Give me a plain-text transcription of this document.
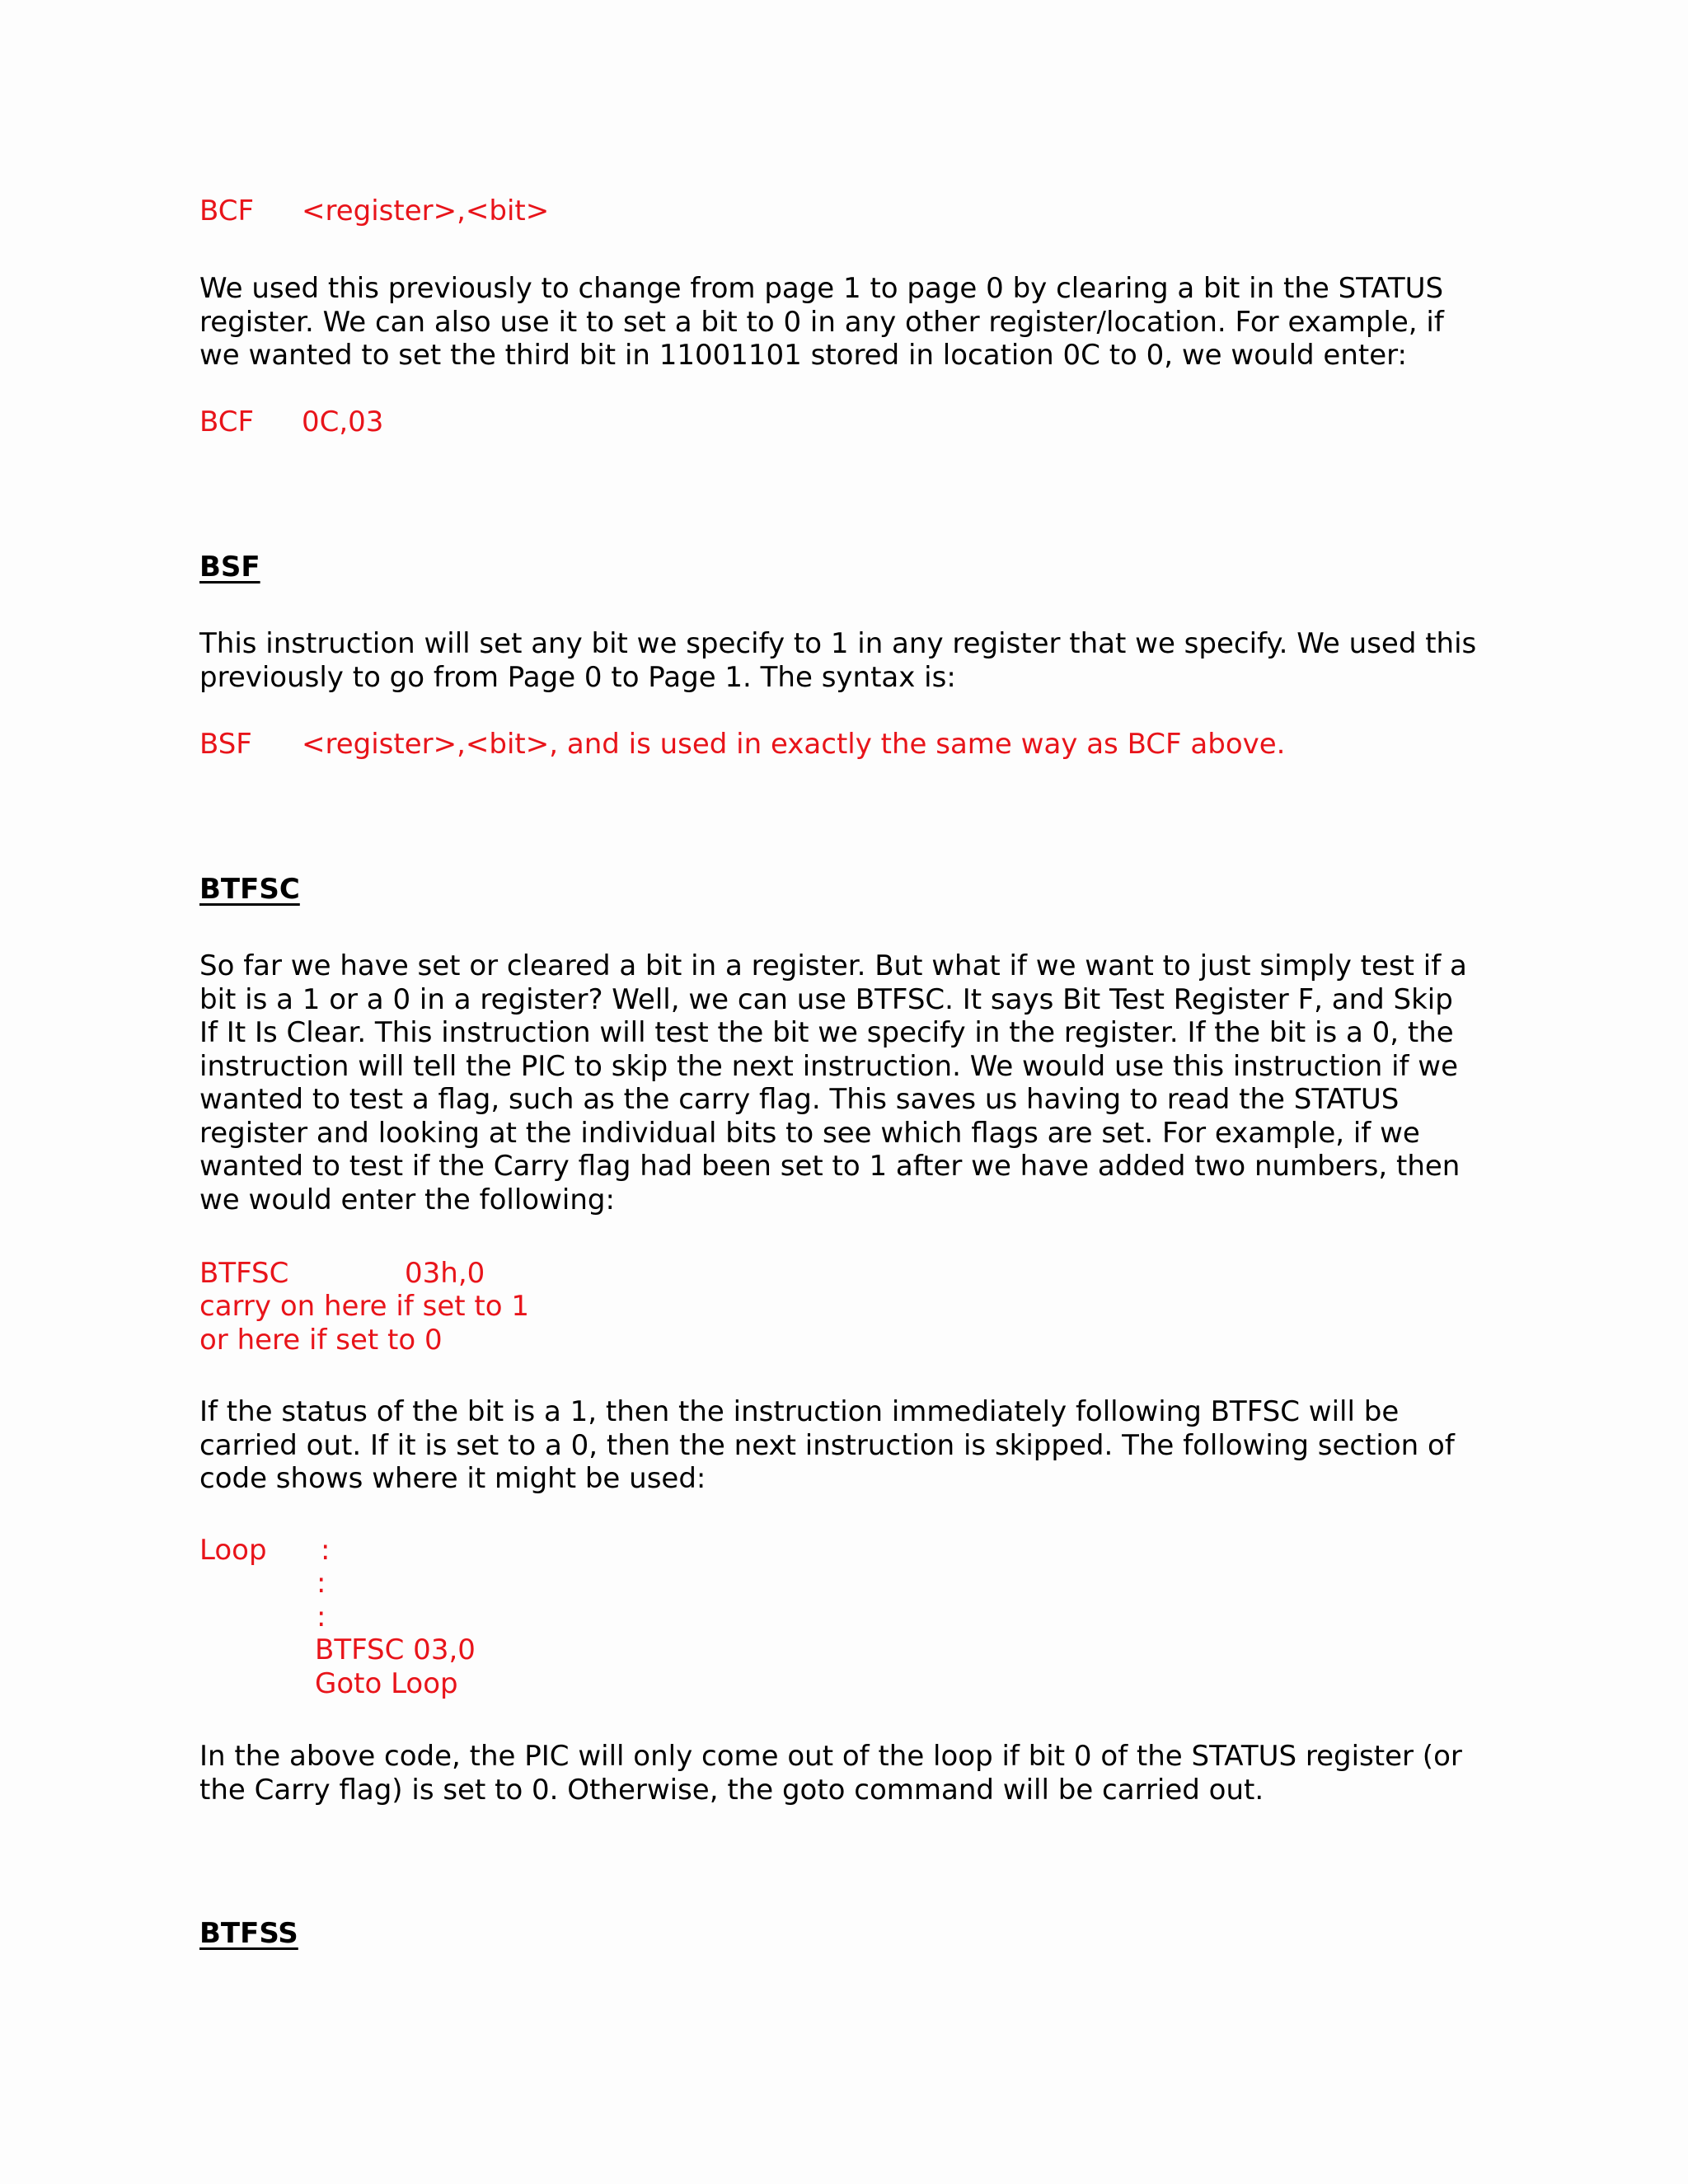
BCF <register>,<bit>
We used this previously to change from page 1 to page 0 by clearing a bit in the STATUS
register. We can also use it to set a bit to 0 in any other register/location. For example, if
we wanted to set the third bit in 11001101 stored in location 0C to 0, we would enter:
BCF 0C,03
BSF
This instruction will set any bit we specify to 1 in any register that we specify. We used this
previously to go from Page 0 to Page 1. The syntax is:
BSF <register>,<bit>, and is used in exactly the same way as BCF above.
BTFSC
So far we have set or cleared a bit in a register. But what if we want to just simply test if a
bit is a 1 or a 0 in a register? Well, we can use BTFSC. It says Bit Test Register F, and Skip
If It Is Clear. This instruction will test the bit we specify in the register. If the bit is a 0, the
instruction will tell the PIC to skip the next instruction. We would use this instruction if we
wanted to test a flag, such as the carry flag. This saves us having to read the STATUS
register and looking at the individual bits to see which flags are set. For example, if we
wanted to test if the Carry flag had been set to 1 after we have added two numbers, then
we would enter the following:
BTFSC	03h,0
carry on here if set to 1
or here if set to 0
If the status of the bit is a 1, then the instruction immediately following BTFSC will be
carried out. If it is set to a 0, then the next instruction is skipped. The following section of
code shows where it might be used:
Loop :
:
:
BTFSC 03,0
Goto Loop
In the above code, the PIC will only come out of the loop if bit 0 of the STATUS register (or
the Carry flag) is set to 0. Otherwise, the goto command will be carried out.
BTFSS
